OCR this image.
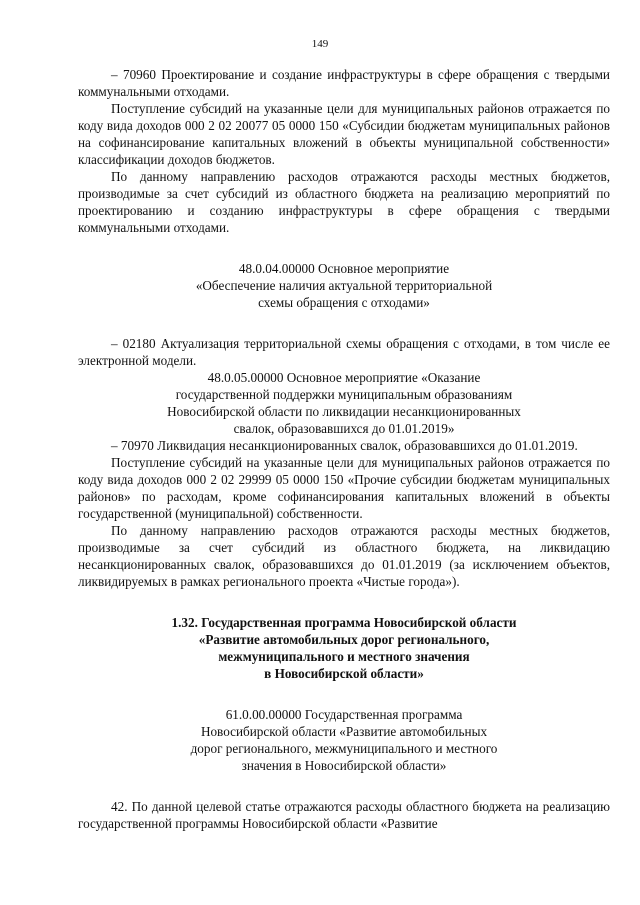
149

– 70960 Проектирование и создание инфраструктуры в сфере обращения с твердыми коммунальными отходами.

Поступление субсидий на указанные цели для муниципальных районов отражается по коду вида доходов 000 2 02 20077 05 0000 150 «Субсидии бюджетам муниципальных районов на софинансирование капитальных вложений в объекты муниципальной собственности» классификации доходов бюджетов.

По данному направлению расходов отражаются расходы местных бюджетов, производимые за счет субсидий из областного бюджета на реализацию мероприятий по проектированию и созданию инфраструктуры в сфере обращения с твердыми коммунальными отходами.

48.0.04.00000 Основное мероприятие

«Обеспечение наличия актуальной территориальной

схемы обращения с отходами»

– 02180 Актуализация территориальной схемы обращения с отходами, в том числе ее электронной модели.

48.0.05.00000 Основное мероприятие «Оказание

государственной поддержки муниципальным образованиям

Новосибирской области по ликвидации несанкционированных

свалок, образовавшихся до 01.01.2019»

– 70970 Ликвидация несанкционированных свалок, образовавшихся до 01.01.2019.

Поступление субсидий на указанные цели для муниципальных районов отражается по коду вида доходов 000 2 02 29999 05 0000 150 «Прочие субсидии бюджетам муниципальных районов» по расходам, кроме софинансирования капитальных вложений в объекты государственной (муниципальной) собственности.

По данному направлению расходов отражаются расходы местных бюджетов, производимые за счет субсидий из областного бюджета, на ликвидацию несанкционированных свалок, образовавшихся до 01.01.2019 (за исключением объектов, ликвидируемых в рамках регионального проекта «Чистые города»).

1.32. Государственная программа Новосибирской области

«Развитие автомобильных дорог регионального,

межмуниципального и местного значения

в Новосибирской области»

61.0.00.00000 Государственная программа

Новосибирской области «Развитие автомобильных

дорог регионального, межмуниципального и местного

значения в Новосибирской области»

42. По данной целевой статье отражаются расходы областного бюджета на реализацию государственной программы Новосибирской области «Развитие
